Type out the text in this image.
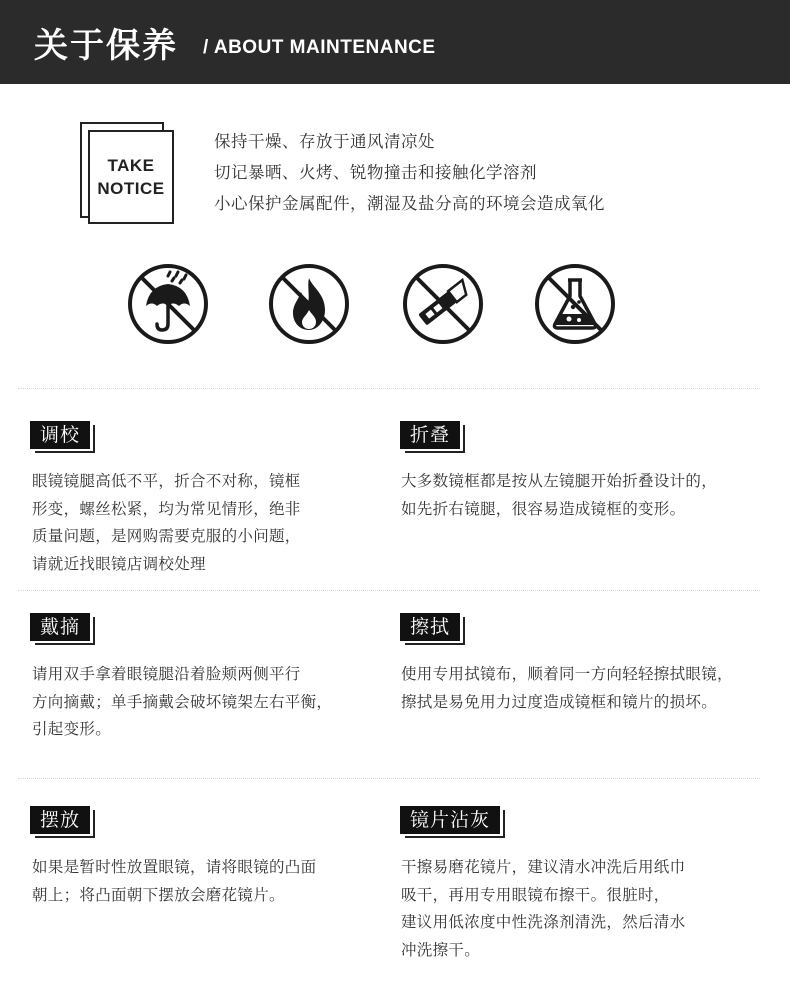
关于保养 / ABOUT MAINTENANCE
TAKE
NOTICE
保持干燥、存放于通风清凉处
切记暴晒、火烤、锐物撞击和接触化学溶剂
小心保护金属配件，潮湿及盐分高的环境会造成氧化
调校
眼镜镜腿高低不平，折合不对称，镜框
形变，螺丝松紧，均为常见情形，绝非
质量问题，是网购需要克服的小问题，
请就近找眼镜店调校处理
折叠
大多数镜框都是按从左镜腿开始折叠设计的，
如先折右镜腿，很容易造成镜框的变形。
戴摘
请用双手拿着眼镜腿沿着脸颊两侧平行
方向摘戴；单手摘戴会破坏镜架左右平衡，
引起变形。
擦拭
使用专用拭镜布，顺着同一方向轻轻擦拭眼镜，
擦拭是易免用力过度造成镜框和镜片的损坏。
摆放
如果是暂时性放置眼镜，请将眼镜的凸面
朝上；将凸面朝下摆放会磨花镜片。
镜片沾灰
干擦易磨花镜片，建议清水冲洗后用纸巾
吸干，再用专用眼镜布擦干。很脏时，
建议用低浓度中性洗涤剂清洗，然后清水
冲洗擦干。
